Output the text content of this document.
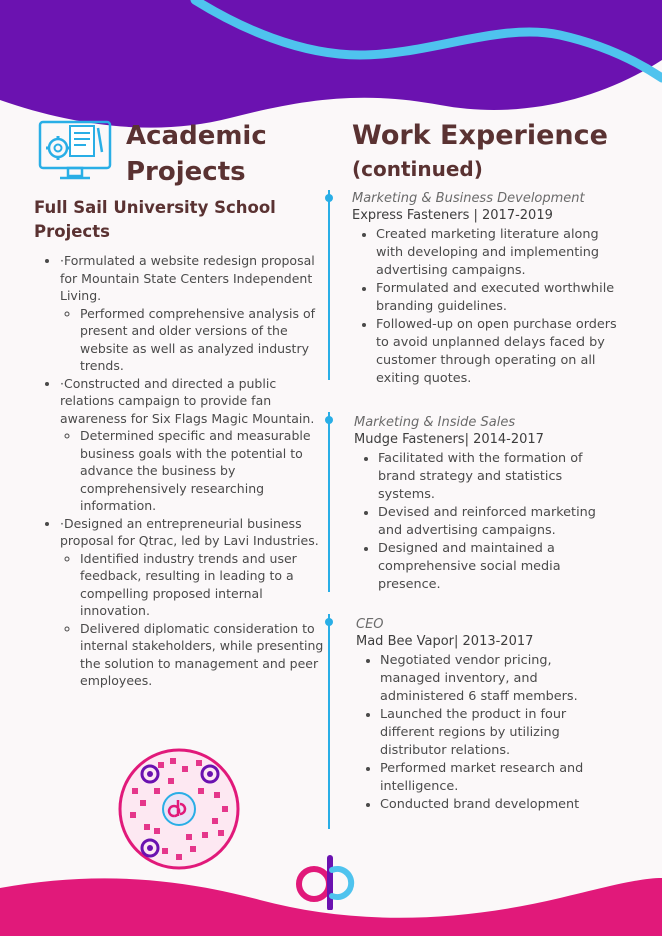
Academic
Projects
Full Sail University School Projects
• ·Formulated a website redesign proposal for Mountain State Centers Independent Living.
◦ Performed comprehensive analysis of present and older versions of the website as well as analyzed industry trends.
• ·Constructed and directed a public relations campaign to provide fan awareness for Six Flags Magic Mountain.
◦ Determined specific and measurable business goals with the potential to advance the business by comprehensively researching information.
• ·Designed an entrepreneurial business proposal for Qtrac, led by Lavi Industries.
◦ Identified industry trends and user feedback, resulting in leading to a compelling proposed internal innovation.
◦ Delivered diplomatic consideration to internal stakeholders, while presenting the solution to management and peer employees.
Work Experience
(continued)
Marketing & Business Development
Express Fasteners | 2017-2019
• Created marketing literature along with developing and implementing advertising campaigns.
• Formulated and executed worthwhile branding guidelines.
• Followed-up on open purchase orders to avoid unplanned delays faced by customer through operating on all exiting quotes.
Marketing & Inside Sales
Mudge Fasteners| 2014-2017
• Facilitated with the formation of brand strategy and statistics systems.
• Devised and reinforced marketing and advertising campaigns.
• Designed and maintained a comprehensive social media presence.
CEO
Mad Bee Vapor| 2013-2017
• Negotiated vendor pricing, managed inventory, and administered 6 staff members.
• Launched the product in four different regions by utilizing distributor relations.
• Performed market research and intelligence.
• Conducted brand development
